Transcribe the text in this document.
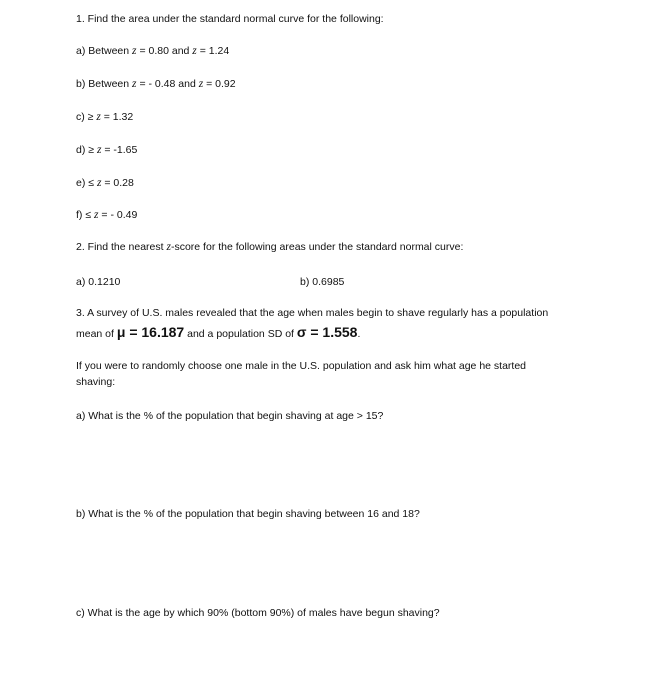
1. Find the area under the standard normal curve for the following:
a) Between z = 0.80 and z = 1.24
b) Between z = - 0.48 and z = 0.92
c) ≥ z = 1.32
d) ≥ z = -1.65
e) ≤ z = 0.28
f) ≤ z = - 0.49
2. Find the nearest z-score for the following areas under the standard normal curve:
a) 0.1210	b) 0.6985
3. A survey of U.S. males revealed that the age when males begin to shave regularly has a population
mean of μ = 16.187 and a population SD of σ = 1.558.
If you were to randomly choose one male in the U.S. population and ask him what age he started
shaving:
a) What is the % of the population that begin shaving at age > 15?
b) What is the % of the population that begin shaving between 16 and 18?
c) What is the age by which 90% (bottom 90%) of males have begun shaving?
